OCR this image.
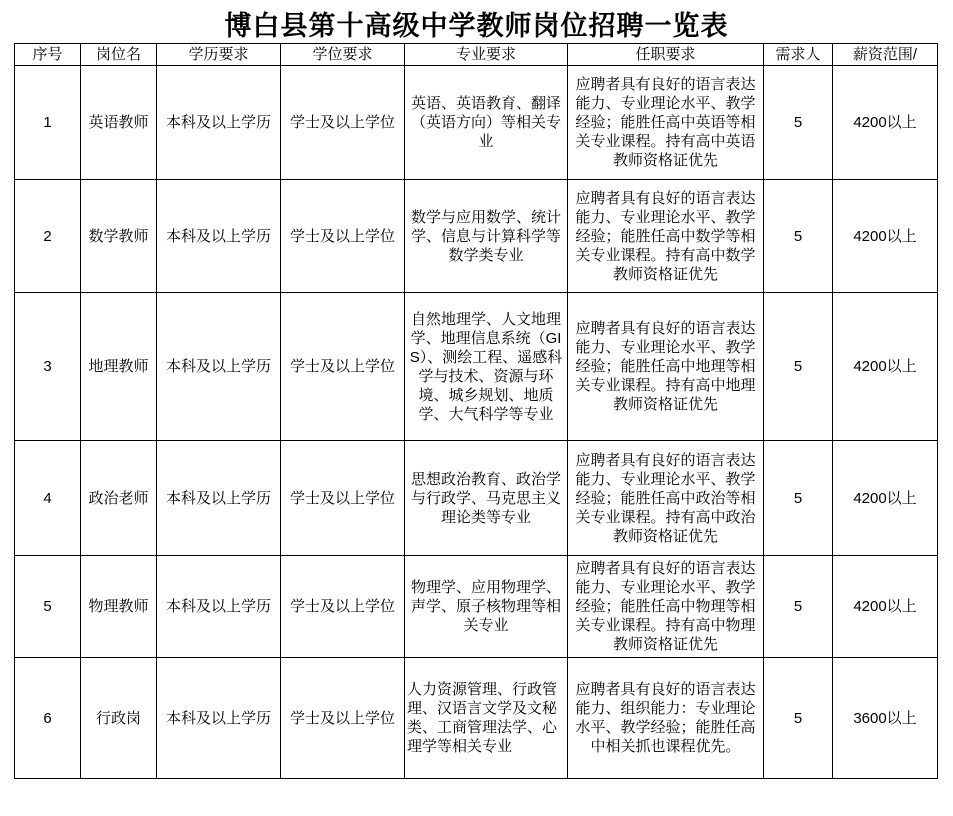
博白县第十高级中学教师岗位招聘一览表
序号	岗位名	学历要求	学位要求	专业要求	任职要求	需求人	薪资范围/
1	英语教师	本科及以上学历	学士及以上学位	英语、英语教育、翻译（英语方向）等相关专业	应聘者具有良好的语言表达能力、专业理论水平、教学经验；能胜任高中英语等相关专业课程。持有高中英语教师资格证优先	5	4200以上
2	数学教师	本科及以上学历	学士及以上学位	数学与应用数学、统计学、信息与计算科学等数学类专业	应聘者具有良好的语言表达能力、专业理论水平、教学经验；能胜任高中数学等相关专业课程。持有高中数学教师资格证优先	5	4200以上
3	地理教师	本科及以上学历	学士及以上学位	自然地理学、人文地理学、地理信息系统（GIS）、测绘工程、遥感科学与技术、资源与环境、城乡规划、地质学、大气科学等专业	应聘者具有良好的语言表达能力、专业理论水平、教学经验；能胜任高中地理等相关专业课程。持有高中地理教师资格证优先	5	4200以上
4	政治老师	本科及以上学历	学士及以上学位	思想政治教育、政治学与行政学、马克思主义理论类等专业	应聘者具有良好的语言表达能力、专业理论水平、教学经验；能胜任高中政治等相关专业课程。持有高中政治教师资格证优先	5	4200以上
5	物理教师	本科及以上学历	学士及以上学位	物理学、应用物理学、声学、原子核物理等相关专业	应聘者具有良好的语言表达能力、专业理论水平、教学经验；能胜任高中物理等相关专业课程。持有高中物理教师资格证优先	5	4200以上
6	行政岗	本科及以上学历	学士及以上学位	人力资源管理、行政管理、汉语言文学及文秘类、工商管理法学、心理学等相关专业	应聘者具有良好的语言表达能力、组织能力：专业理论水平、教学经验；能胜任高中相关抓也课程优先。	5	3600以上
